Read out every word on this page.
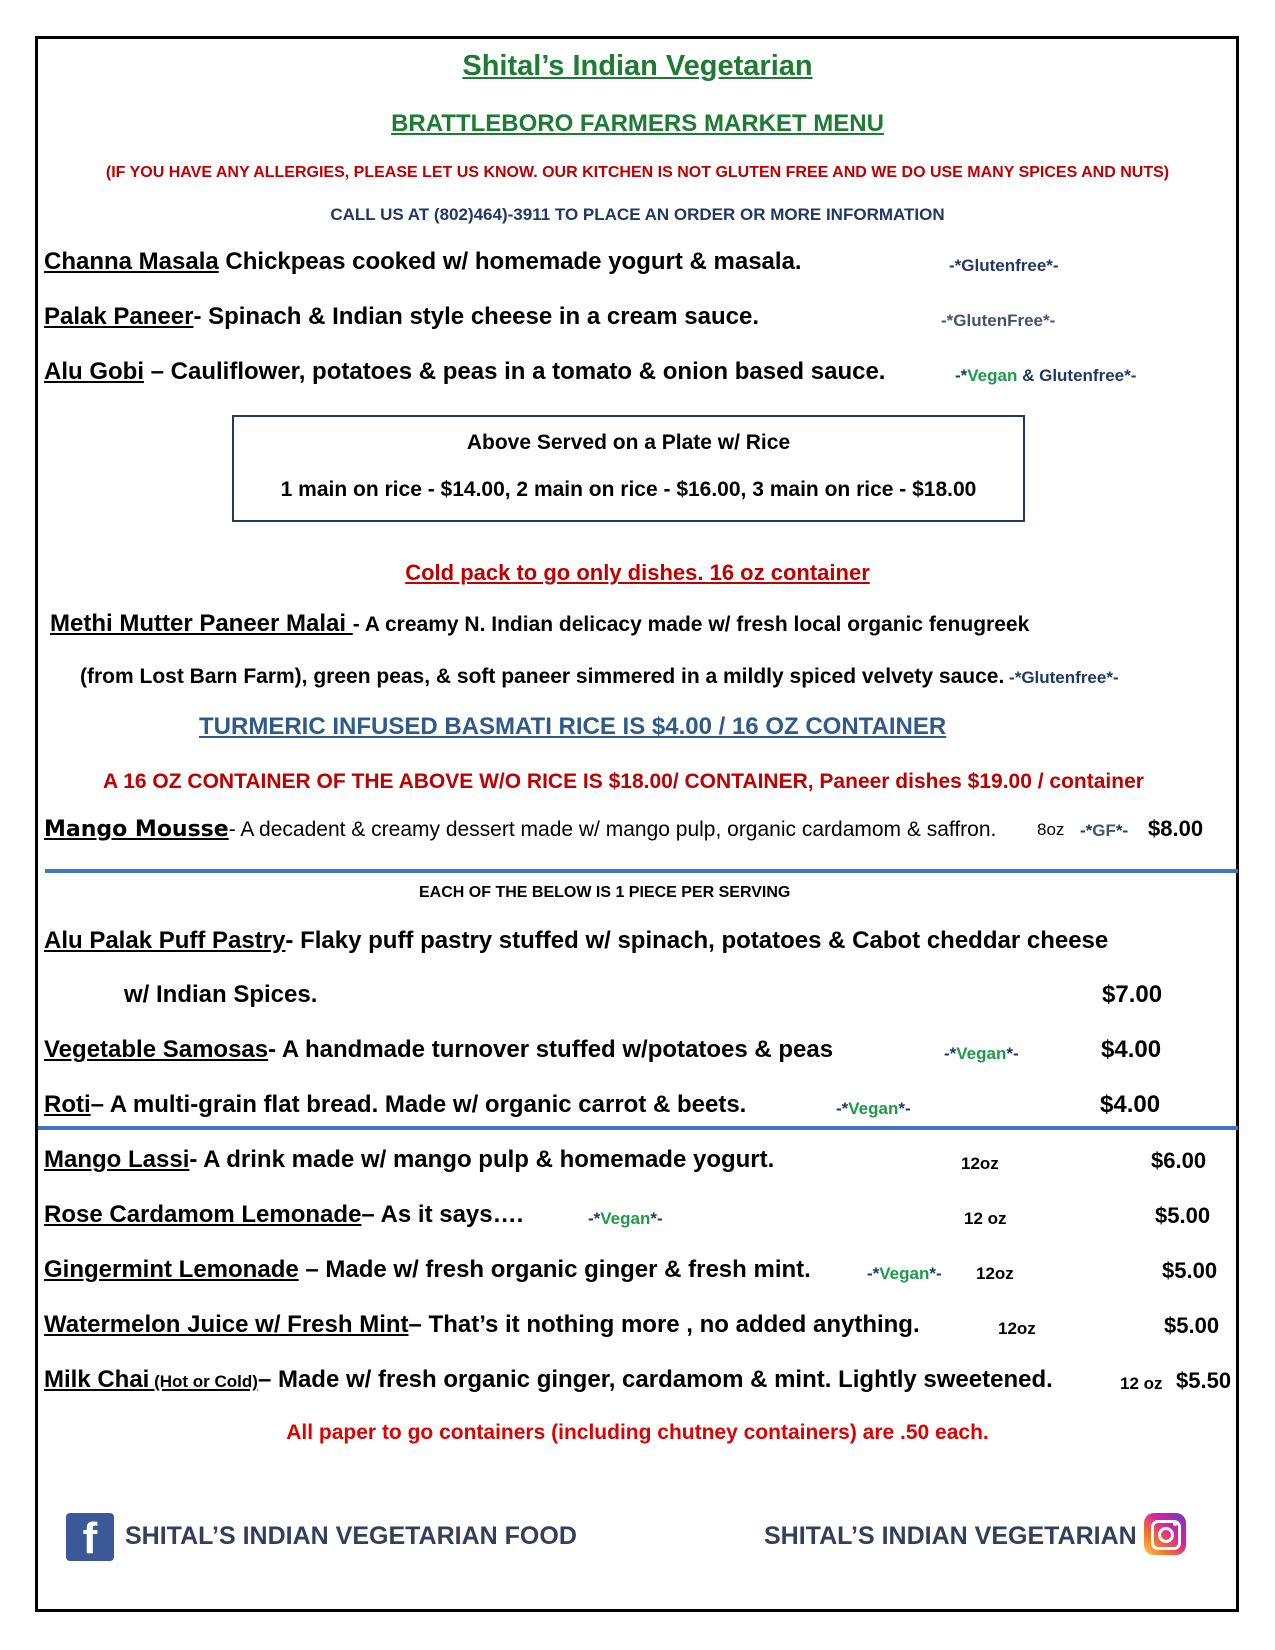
Shital’s Indian Vegetarian
BRATTLEBORO FARMERS MARKET MENU
(IF YOU HAVE ANY ALLERGIES, PLEASE LET US KNOW. OUR KITCHEN IS NOT GLUTEN FREE AND WE DO USE MANY SPICES AND NUTS)
CALL US AT (802)464)-3911 TO PLACE AN ORDER OR MORE INFORMATION
Channa Masala Chickpeas cooked w/ homemade yogurt & masala.	-*Glutenfree*-
Palak Paneer- Spinach & Indian style cheese in a cream sauce.	-*GlutenFree*-
Alu Gobi – Cauliflower, potatoes & peas in a tomato & onion based sauce.	-*Vegan & Glutenfree*-
Above Served on a Plate w/ Rice
1 main on rice - $14.00, 2 main on rice - $16.00, 3 main on rice - $18.00
Cold pack to go only dishes. 16 oz container
Methi Mutter Paneer Malai - A creamy N. Indian delicacy made w/ fresh local organic fenugreek
(from Lost Barn Farm), green peas, & soft paneer simmered in a mildly spiced velvety sauce. -*Glutenfree*-
TURMERIC INFUSED BASMATI RICE IS $4.00 / 16 OZ CONTAINER
A 16 OZ CONTAINER OF THE ABOVE W/O RICE IS $18.00/ CONTAINER, Paneer dishes $19.00 / container
Mango Mousse- A decadent & creamy dessert made w/ mango pulp, organic cardamom & saffron. 8oz -*GF*- $8.00
EACH OF THE BELOW IS 1 PIECE PER SERVING
Alu Palak Puff Pastry- Flaky puff pastry stuffed w/ spinach, potatoes & Cabot cheddar cheese
w/ Indian Spices.	$7.00
Vegetable Samosas- A handmade turnover stuffed w/potatoes & peas	-*Vegan*-	$4.00
Roti– A multi-grain flat bread. Made w/ organic carrot & beets.	-*Vegan*-	$4.00
Mango Lassi- A drink made w/ mango pulp & homemade yogurt.	12oz	$6.00
Rose Cardamom Lemonade– As it says….	-*Vegan*-	12 oz	$5.00
Gingermint Lemonade – Made w/ fresh organic ginger & fresh mint.	-*Vegan*- 12oz	$5.00
Watermelon Juice w/ Fresh Mint– That’s it nothing more , no added anything.	12oz	$5.00
Milk Chai (Hot or Cold)– Made w/ fresh organic ginger, cardamom & mint. Lightly sweetened.	12 oz $5.50
All paper to go containers (including chutney containers) are .50 each.
f	SHITAL’S INDIAN VEGETARIAN FOOD	SHITAL’S INDIAN VEGETARIAN
